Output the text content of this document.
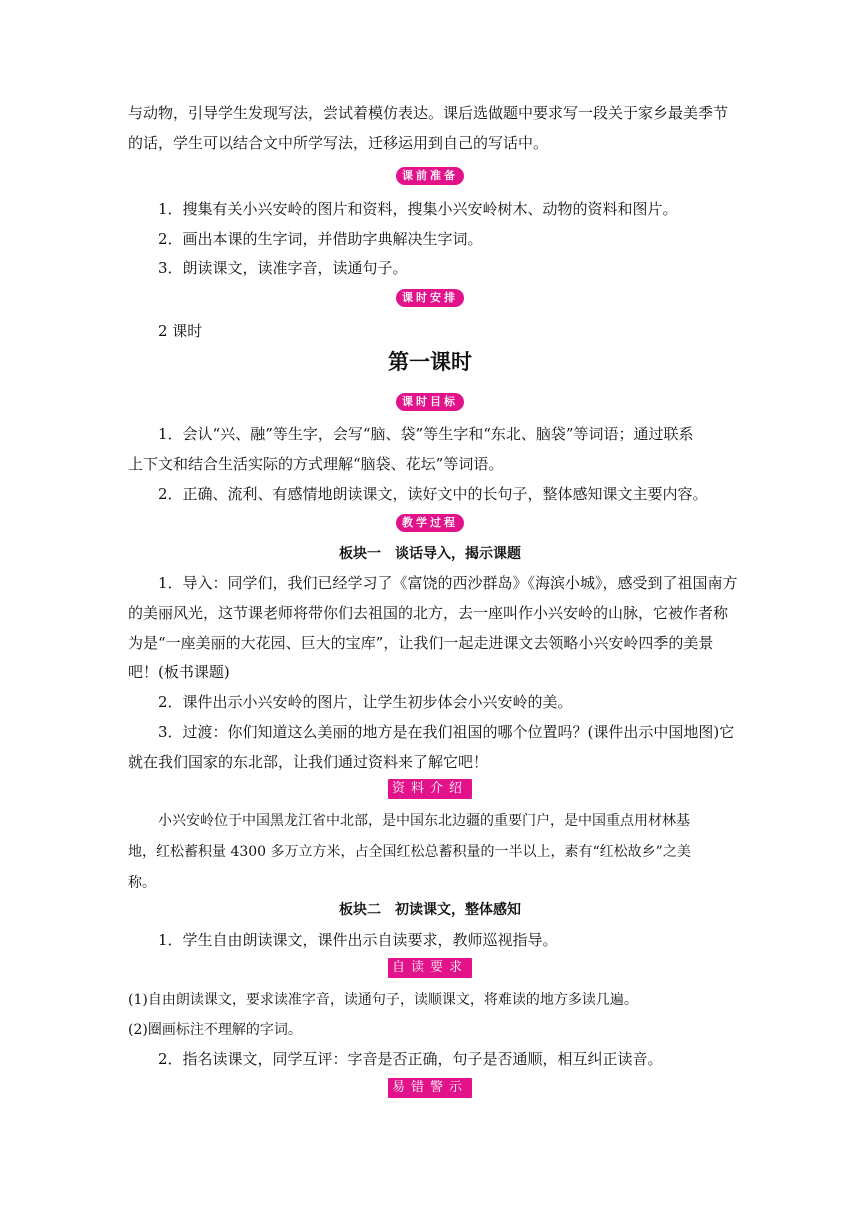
与动物，引导学生发现写法，尝试着模仿表达。课后选做题中要求写一段关于家乡最美季节
的话，学生可以结合文中所学写法，迁移运用到自己的写话中。
课前准备
1．搜集有关小兴安岭的图片和资料，搜集小兴安岭树木、动物的资料和图片。
2．画出本课的生字词，并借助字典解决生字词。
3．朗读课文，读准字音，读通句子。
课时安排
2 课时
第一课时
课时目标
1．会认“兴、融”等生字，会写“脑、袋”等生字和“东北、脑袋”等词语；通过联系
上下文和结合生活实际的方式理解“脑袋、花坛”等词语。
2．正确、流利、有感情地朗读课文，读好文中的长句子，整体感知课文主要内容。
教学过程
板块一　谈话导入，揭示课题
1．导入：同学们，我们已经学习了《富饶的西沙群岛》《海滨小城》，感受到了祖国南方
的美丽风光，这节课老师将带你们去祖国的北方，去一座叫作小兴安岭的山脉，它被作者称
为是“一座美丽的大花园、巨大的宝库”，让我们一起走进课文去领略小兴安岭四季的美景
吧！(板书课题)
2．课件出示小兴安岭的图片，让学生初步体会小兴安岭的美。
3．过渡：你们知道这么美丽的地方是在我们祖国的哪个位置吗？(课件出示中国地图)它
就在我们国家的东北部，让我们通过资料来了解它吧！
资料介绍
小兴安岭位于中国黑龙江省中北部，是中国东北边疆的重要门户，是中国重点用材林基
地，红松蓄积量 4300 多万立方米，占全国红松总蓄积量的一半以上，素有“红松故乡”之美
称。
板块二　初读课文，整体感知
1．学生自由朗读课文，课件出示自读要求，教师巡视指导。
自读要求
(1)自由朗读课文，要求读准字音，读通句子，读顺课文，将难读的地方多读几遍。
(2)圈画标注不理解的字词。
2．指名读课文，同学互评：字音是否正确，句子是否通顺，相互纠正读音。
易错警示
